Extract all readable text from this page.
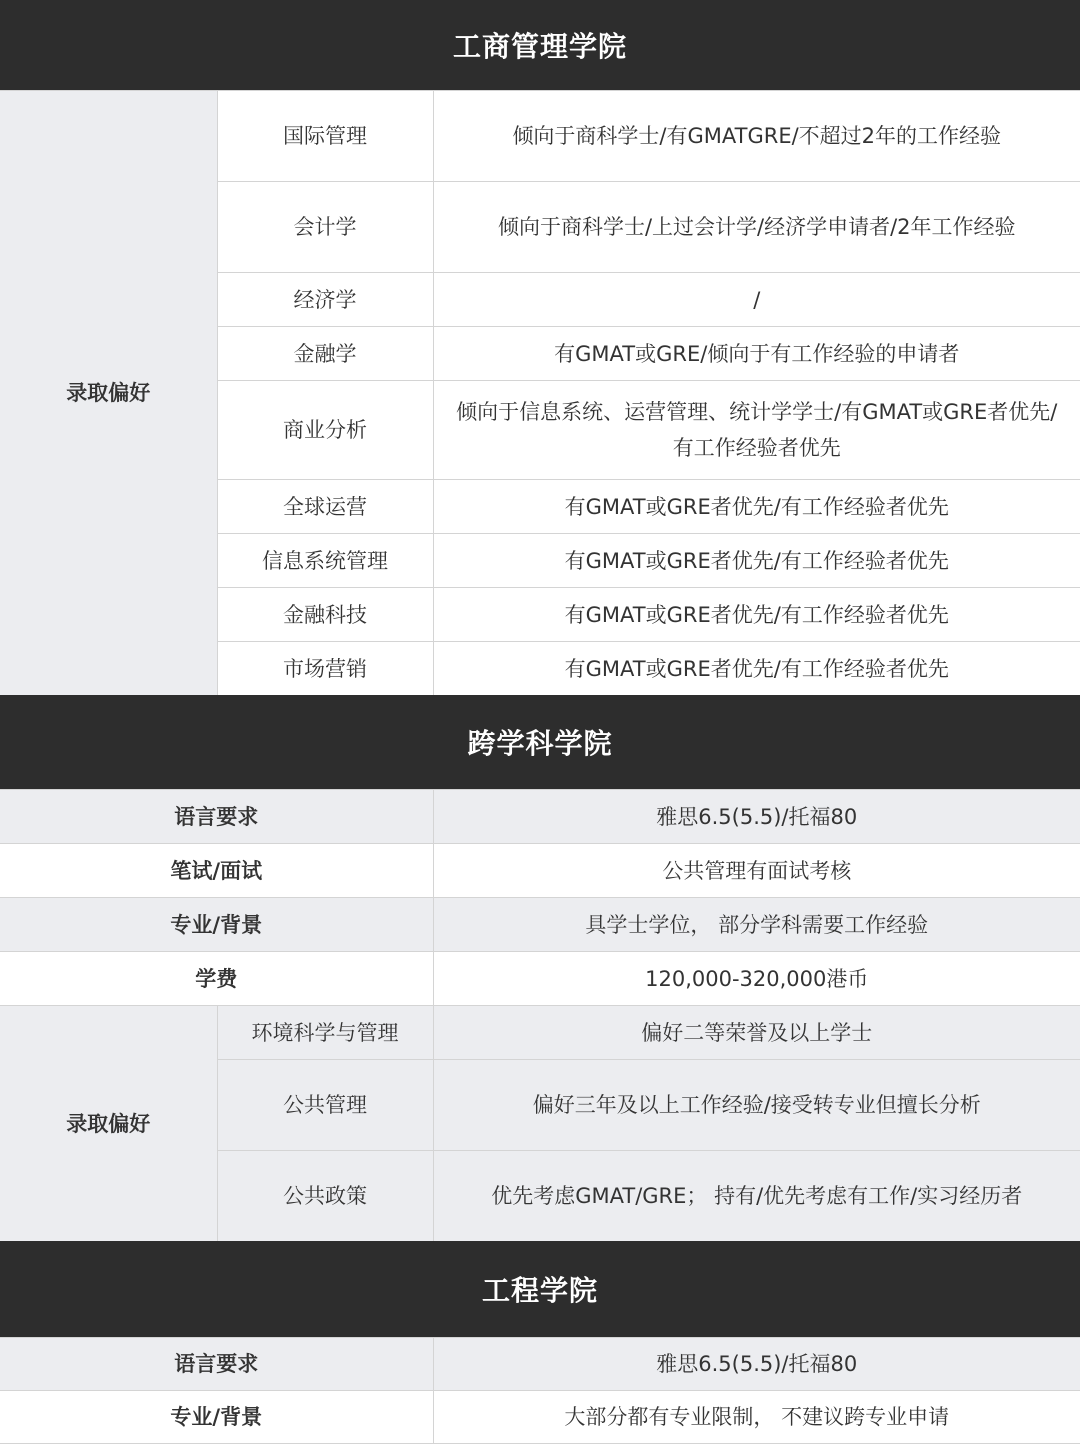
工商管理学院
录取偏好	国际管理	倾向于商科学士/有GMATGRE/不超过2年的工作经验
	会计学	倾向于商科学士/上过会计学/经济学申请者/2年工作经验
	经济学	/
	金融学	有GMAT或GRE/倾向于有工作经验的申请者
	商业分析	倾向于信息系统、运营管理、统计学学士/有GMAT或GRE者优先/有工作经验者优先
	全球运营	有GMAT或GRE者优先/有工作经验者优先
	信息系统管理	有GMAT或GRE者优先/有工作经验者优先
	金融科技	有GMAT或GRE者优先/有工作经验者优先
	市场营销	有GMAT或GRE者优先/有工作经验者优先
跨学科学院
语言要求	雅思6.5(5.5)/托福80
笔试/面试	公共管理有面试考核
专业/背景	具学士学位， 部分学科需要工作经验
学费	120,000-320,000港币
录取偏好	环境科学与管理	偏好二等荣誉及以上学士
	公共管理	偏好三年及以上工作经验/接受转专业但擅长分析
	公共政策	优先考虑GMAT/GRE； 持有/优先考虑有工作/实习经历者
工程学院
语言要求	雅思6.5(5.5)/托福80
专业/背景	大部分都有专业限制， 不建议跨专业申请
